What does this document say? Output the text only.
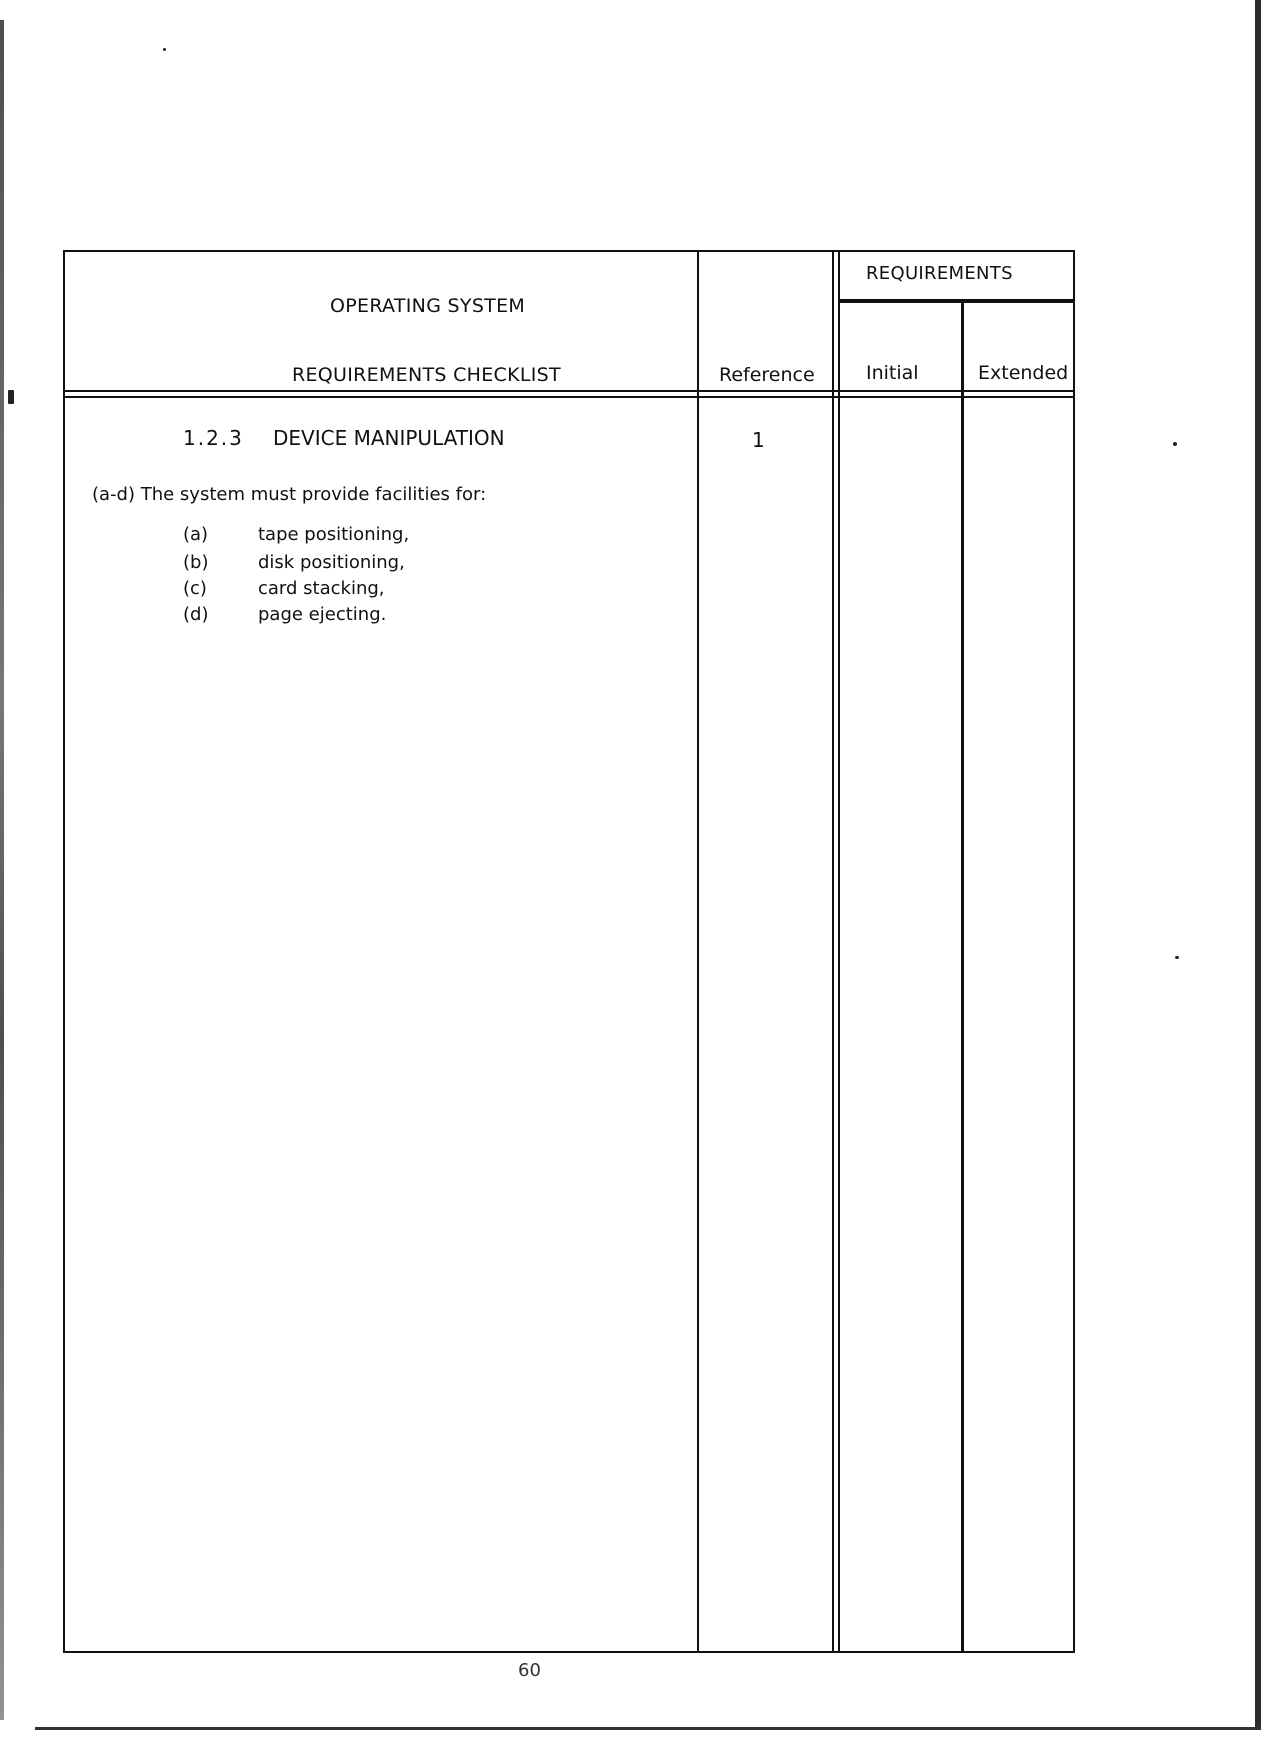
OPERATING SYSTEM
REQUIREMENTS CHECKLIST	Reference
REQUIREMENTS
Initial	Extended
1.2.3 DEVICE MANIPULATION	1
(a-d) The system must provide facilities for:
(a)	tape positioning,
(b)	disk positioning,
(c)	card stacking,
(d)	page ejecting.
60
